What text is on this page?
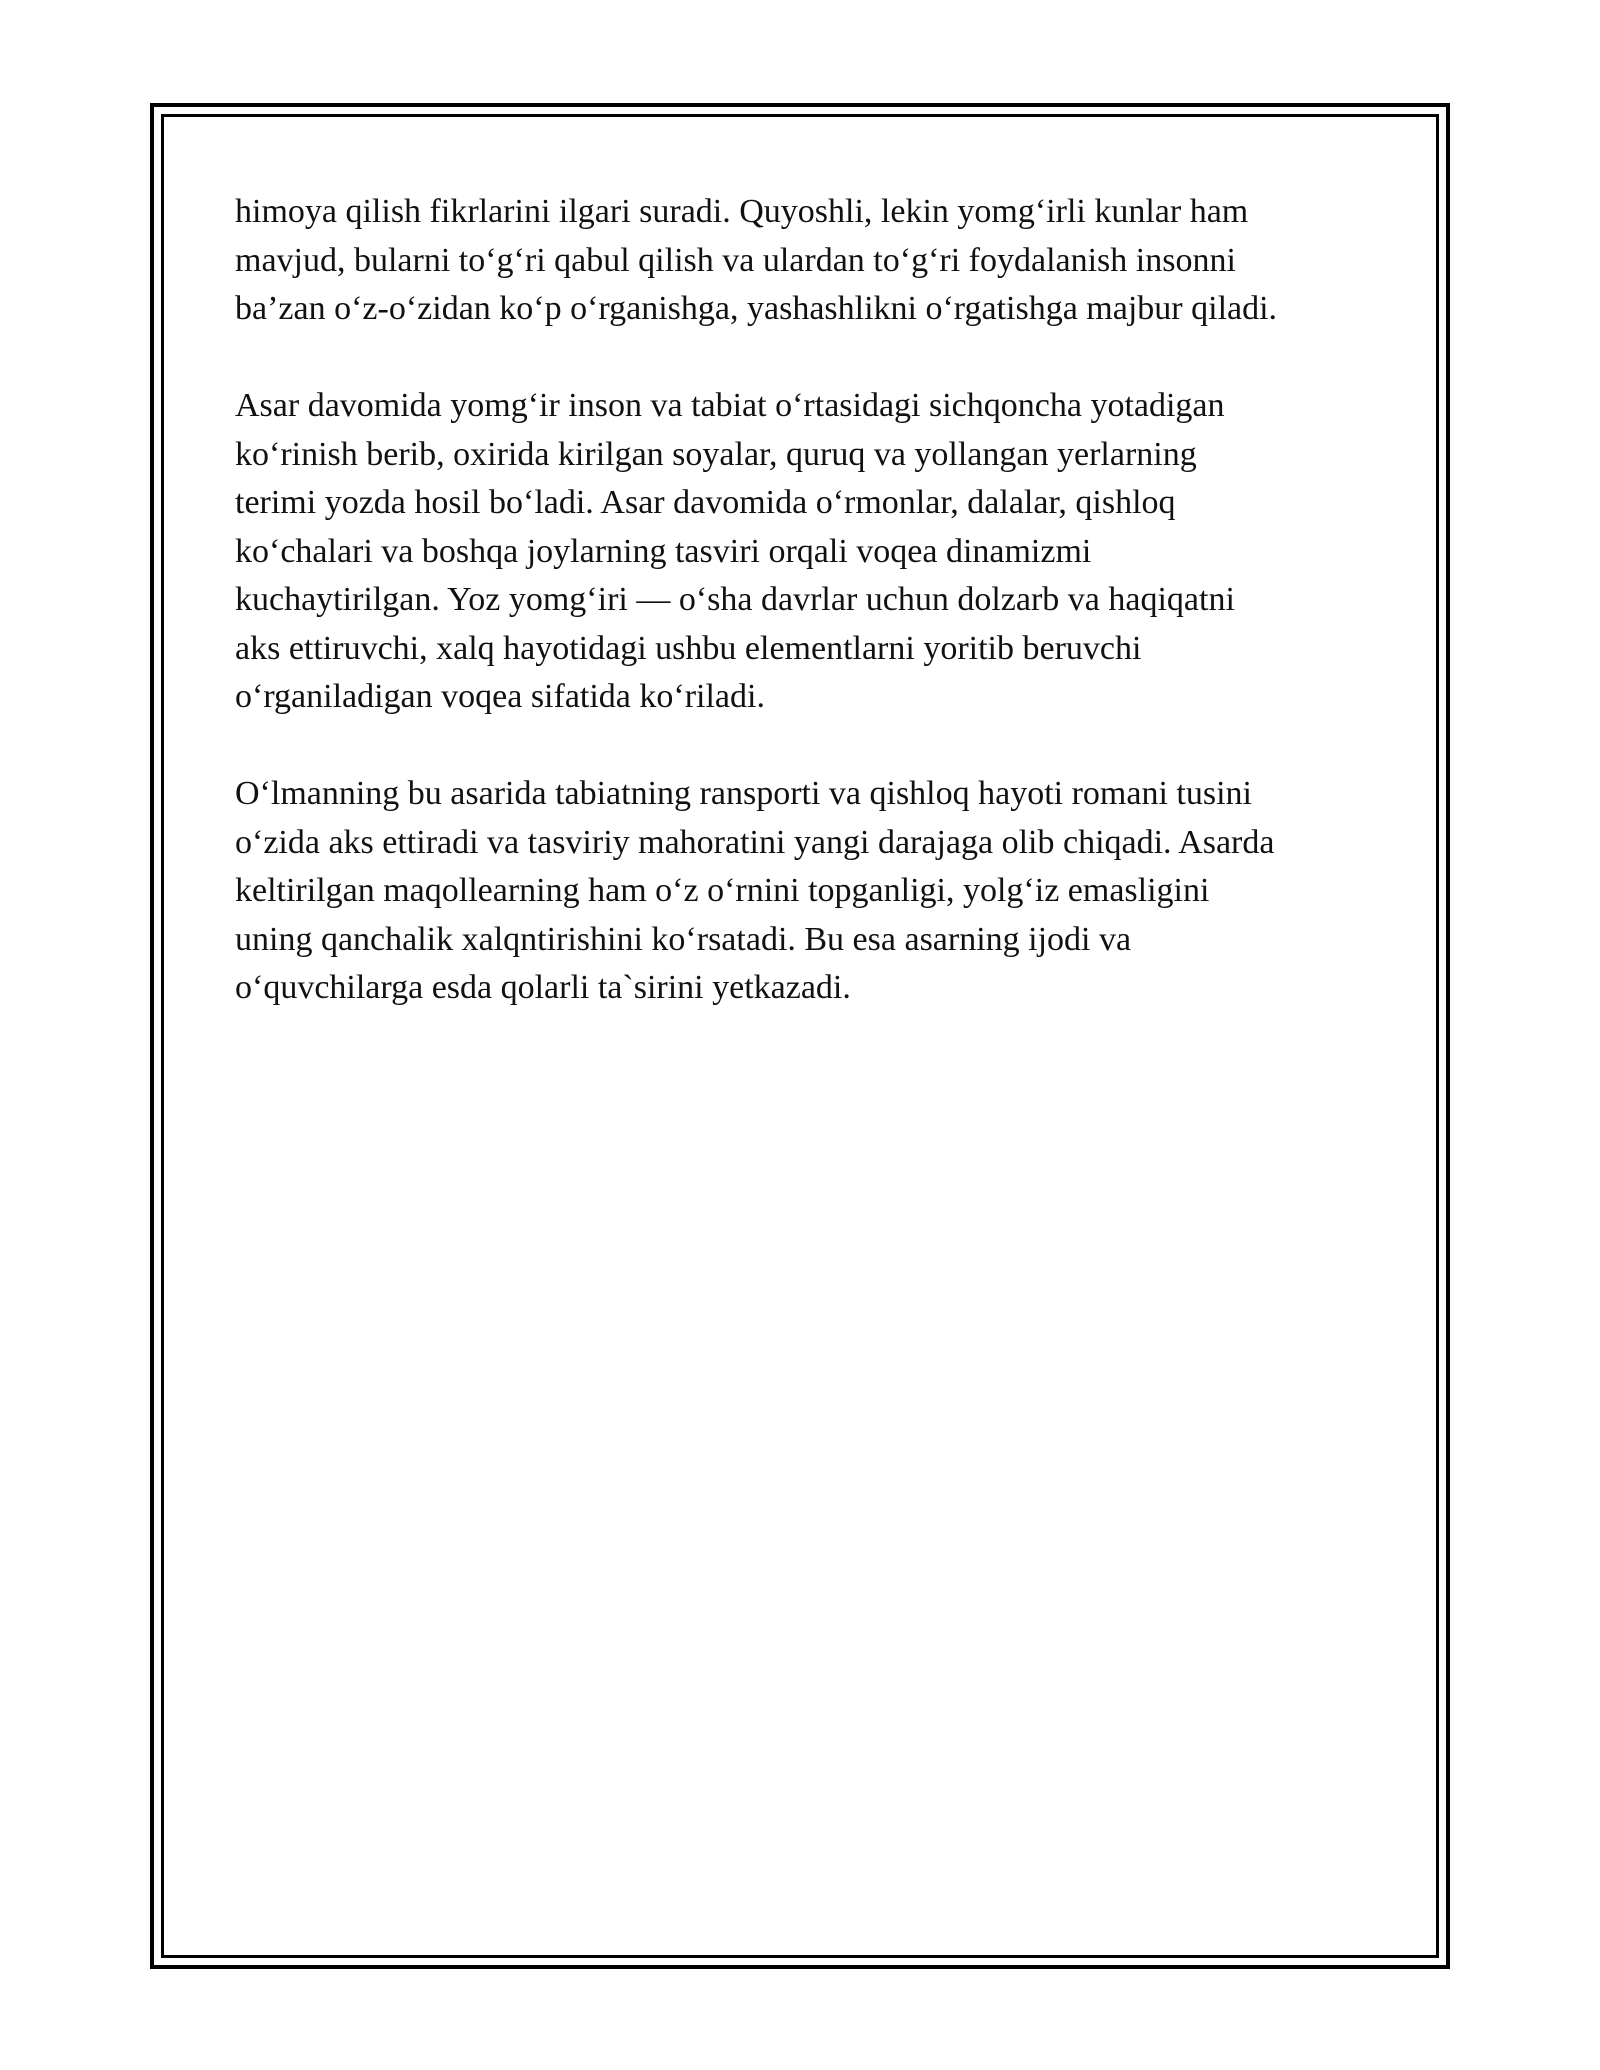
himoya qilish fikrlarini ilgari suradi. Quyoshli, lekin yomg‘irli kunlar ham
mavjud, bularni to‘g‘ri qabul qilish va ulardan to‘g‘ri foydalanish insonni
ba’zan o‘z-o‘zidan ko‘p o‘rganishga, yashashlikni o‘rgatishga majbur qiladi.

Asar davomida yomg‘ir inson va tabiat o‘rtasidagi sichqoncha yotadigan
ko‘rinish berib, oxirida kirilgan soyalar, quruq va yollangan yerlarning
terimi yozda hosil bo‘ladi. Asar davomida o‘rmonlar, dalalar, qishloq
ko‘chalari va boshqa joylarning tasviri orqali voqea dinamizmi
kuchaytirilgan. Yoz yomg‘iri — o‘sha davrlar uchun dolzarb va haqiqatni
aks ettiruvchi, xalq hayotidagi ushbu elementlarni yoritib beruvchi
o‘rganiladigan voqea sifatida ko‘riladi.

O‘lmanning bu asarida tabiatning ransporti va qishloq hayoti romani tusini
o‘zida aks ettiradi va tasviriy mahoratini yangi darajaga olib chiqadi. Asarda
keltirilgan maqollearning ham o‘z o‘rnini topganligi, yolg‘iz emasligini
uning qanchalik xalqntirishini ko‘rsatadi. Bu esa asarning ijodi va
o‘quvchilarga esda qolarli ta`sirini yetkazadi.
